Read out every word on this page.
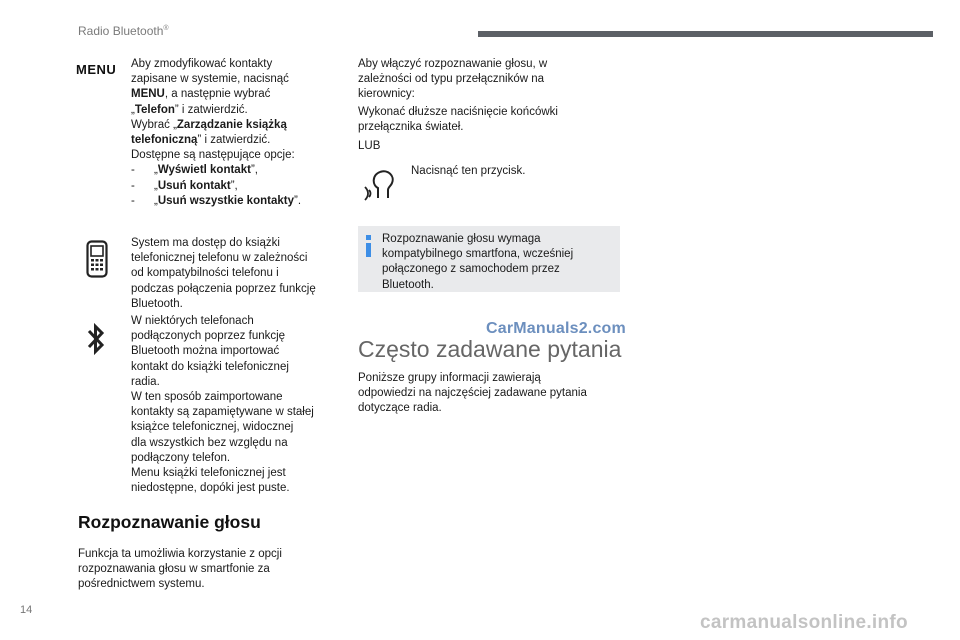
Radio Bluetooth®
MENU Aby zmodyfikować kontakty

zapisane w systemie, nacisnąć

MENU, a następnie wybrać

„Telefon” i zatwierdzić.

Wybrać „Zarządzanie książką

telefoniczną” i zatwierdzić.

Dostępne są następujące opcje:

-      „Wyświetl kontakt”,

-      „Usuń kontakt”,

-      „Usuń wszystkie kontakty”.

System ma dostęp do książki

telefonicznej telefonu w zależności

od kompatybilności telefonu i

podczas połączenia poprzez funkcję

Bluetooth.

W niektórych telefonach

podłączonych poprzez funkcję

Bluetooth można importować

kontakt do książki telefonicznej

radia.

W ten sposób zaimportowane

kontakty są zapamiętywane w stałej

książce telefonicznej, widocznej

dla wszystkich bez względu na

podłączony telefon.

Menu książki telefonicznej jest

niedostępne, dopóki jest puste.

Rozpoznawanie głosu

Funkcja ta umożliwia korzystanie z opcji

rozpoznawania głosu w smartfonie za

pośrednictwem systemu.

Aby włączyć rozpoznawanie głosu, w

zależności od typu przełączników na

kierownicy:

Wykonać dłuższe naciśnięcie końcówki

przełącznika świateł.

LUB
Nacisnąć ten przycisk.

Rozpoznawanie głosu wymaga

kompatybilnego smartfona, wcześniej

połączonego z samochodem przez

Bluetooth.

CarManuals2.com
Często zadawane pytania

Poniższe grupy informacji zawierają

odpowiedzi na najczęściej zadawane pytania

dotyczące radia.

14
carmanualsonline.info
